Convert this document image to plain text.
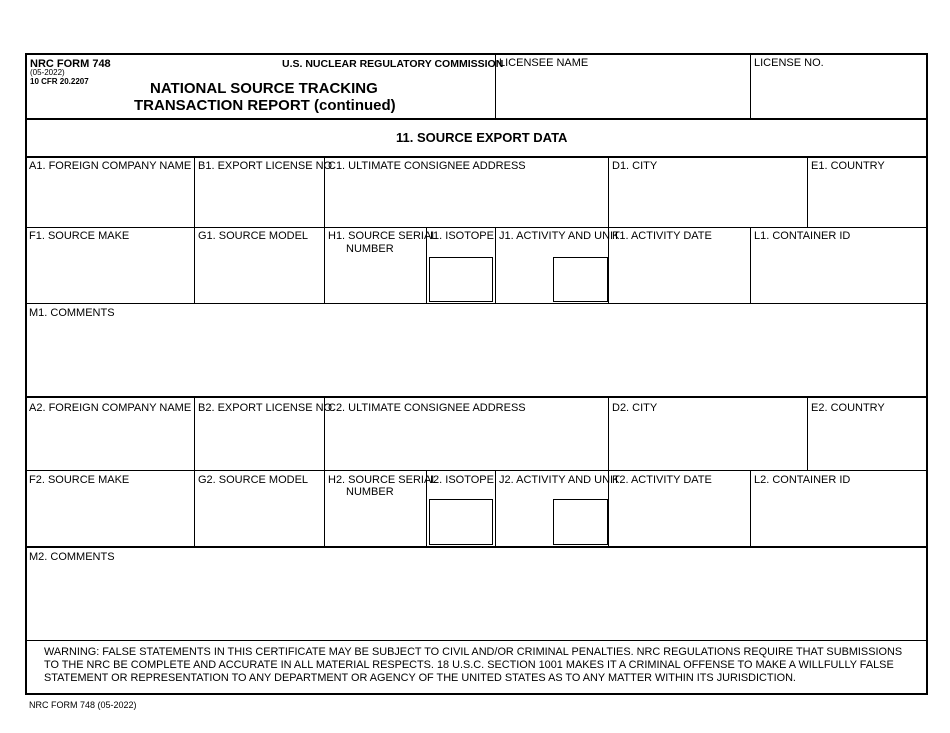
NRC FORM 748
(05-2022)
10 CFR 20.2207
U.S. NUCLEAR REGULATORY COMMISSION
NATIONAL SOURCE TRACKING
TRANSACTION REPORT (continued)
LICENSEE NAME	LICENSE NO.
11. SOURCE EXPORT DATA
A1. FOREIGN COMPANY NAME B1. EXPORT LICENSE NO.
C1. ULTIMATE CONSIGNEE ADDRESS	D1. CITY	E1. COUNTRY
F1. SOURCE MAKE	G1. SOURCE MODEL H1. SOURCE SERIAL
NUMBER
I1. ISOTOPE J1. ACTIVITY AND UNIT
K1. ACTIVITY DATE	L1. CONTAINER ID
M1. COMMENTS
A2. FOREIGN COMPANY NAME B2. EXPORT LICENSE NO.
C2. ULTIMATE CONSIGNEE ADDRESS	D2. CITY	E2. COUNTRY
F2. SOURCE MAKE	G2. SOURCE MODEL H2. SOURCE SERIAL
NUMBER
I2. ISOTOPE J2. ACTIVITY AND UNIT
K2. ACTIVITY DATE	L2. CONTAINER ID
M2. COMMENTS
WARNING: FALSE STATEMENTS IN THIS CERTIFICATE MAY BE SUBJECT TO CIVIL AND/OR CRIMINAL PENALTIES. NRC REGULATIONS REQUIRE THAT SUBMISSIONS
TO THE NRC BE COMPLETE AND ACCURATE IN ALL MATERIAL RESPECTS. 18 U.S.C. SECTION 1001 MAKES IT A CRIMINAL OFFENSE TO MAKE A WILLFULLY FALSE
STATEMENT OR REPRESENTATION TO ANY DEPARTMENT OR AGENCY OF THE UNITED STATES AS TO ANY MATTER WITHIN ITS JURISDICTION.
NRC FORM 748 (05-2022)
